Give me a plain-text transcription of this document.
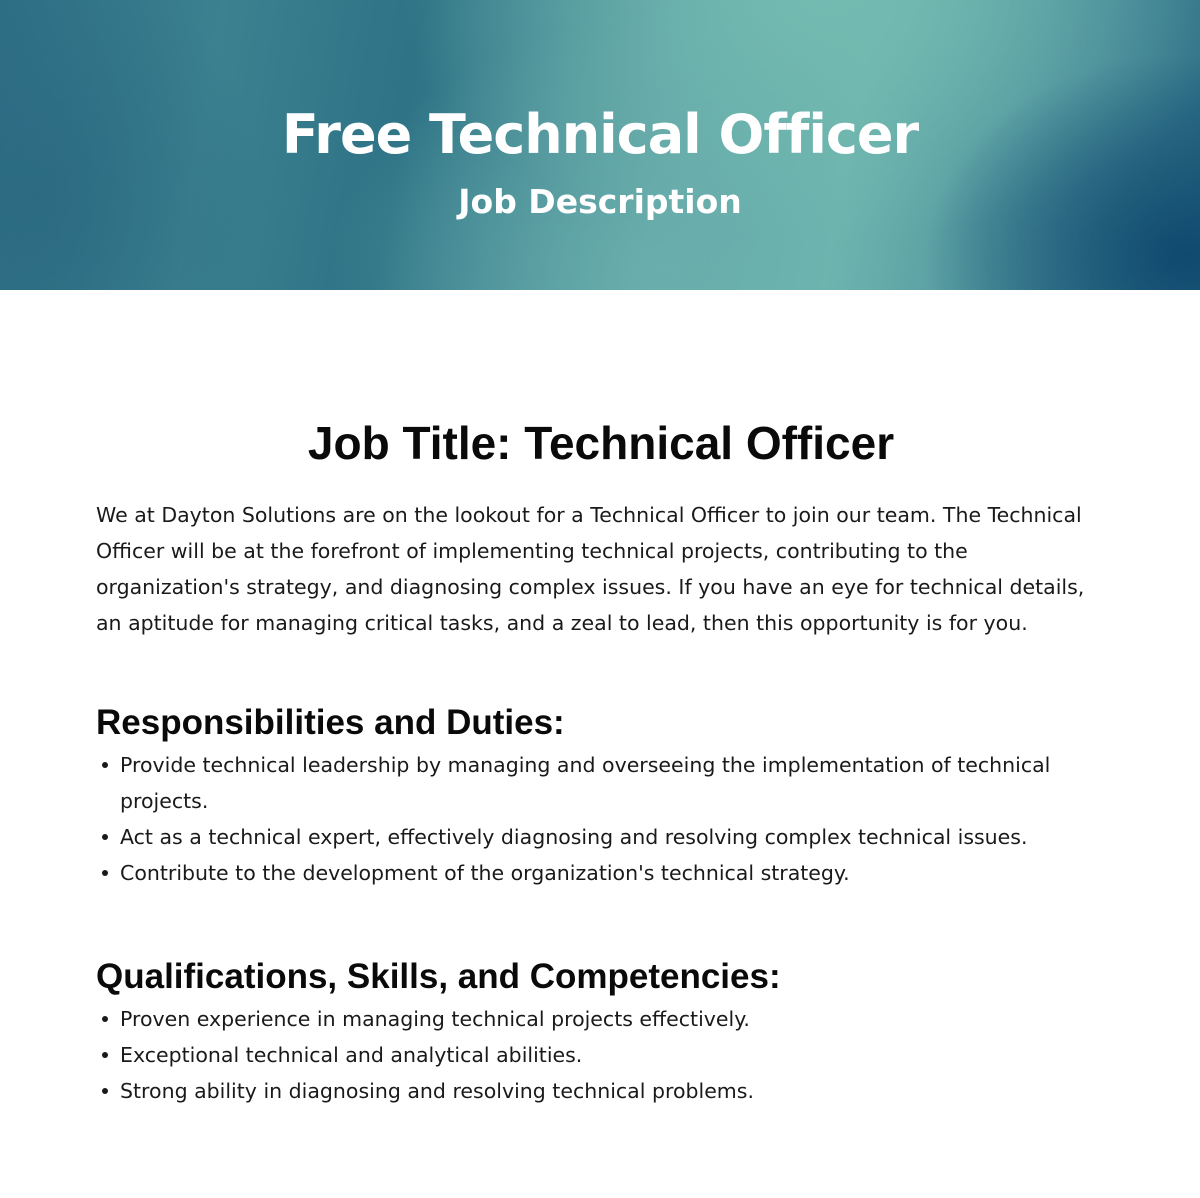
Free Technical Officer
Job Description
Job Title: Technical Officer

We at Dayton Solutions are on the lookout for a Technical Officer to join our team. The Technical Officer will be at the forefront of implementing technical projects, contributing to the organization's strategy, and diagnosing complex issues. If you have an eye for technical details, an aptitude for managing critical tasks, and a zeal to lead, then this opportunity is for you.

Responsibilities and Duties:
Provide technical leadership by managing and overseeing the implementation of technical projects.
Act as a technical expert, effectively diagnosing and resolving complex technical issues.
Contribute to the development of the organization's technical strategy.
Qualifications, Skills, and Competencies:
Proven experience in managing technical projects effectively.
Exceptional technical and analytical abilities.
Strong ability in diagnosing and resolving technical problems.
